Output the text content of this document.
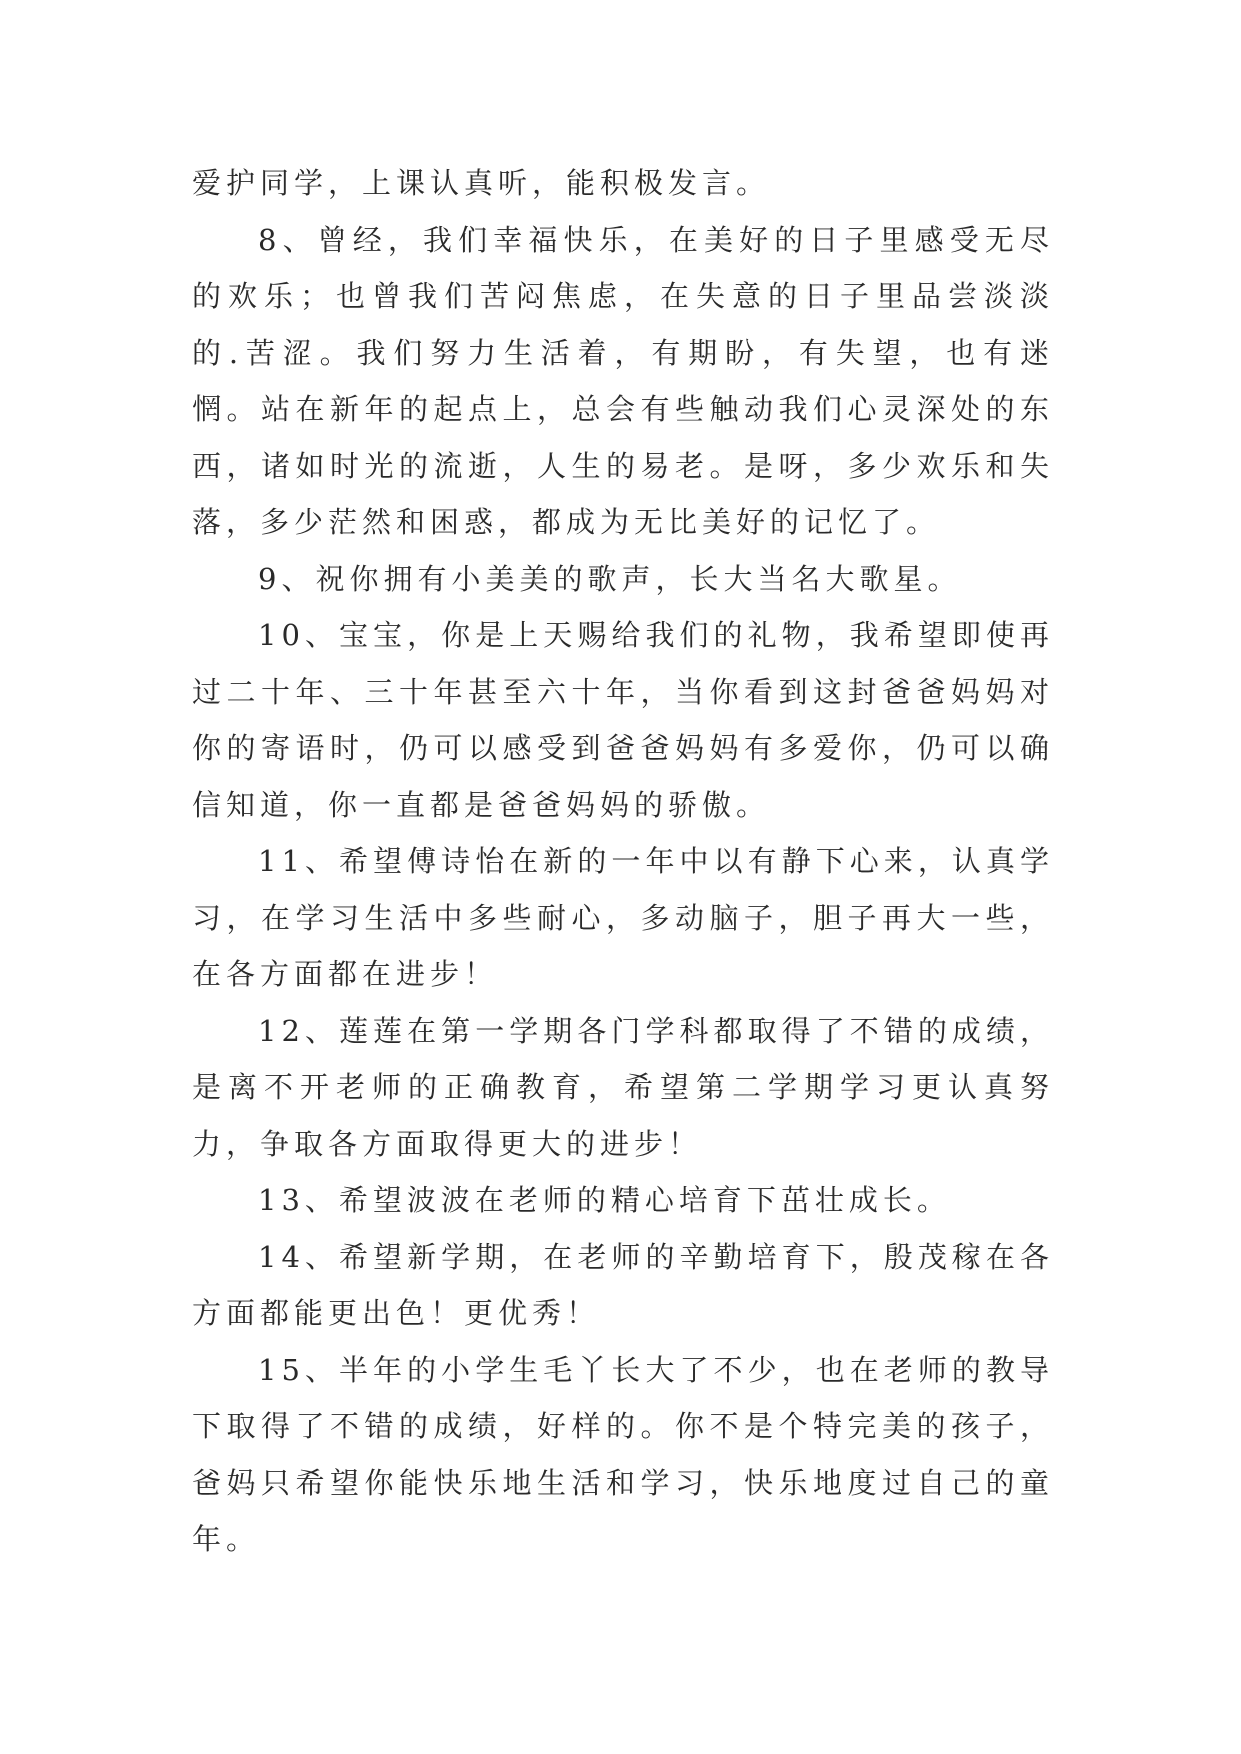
爱护同学，上课认真听，能积极发言。

8、曾经，我们幸福快乐，在美好的日子里感受无尽的欢乐；也曾我们苦闷焦虑，在失意的日子里品尝淡淡的.苦涩。我们努力生活着，有期盼，有失望，也有迷惘。站在新年的起点上，总会有些触动我们心灵深处的东西，诸如时光的流逝，人生的易老。是呀，多少欢乐和失落，多少茫然和困惑，都成为无比美好的记忆了。

9、祝你拥有小美美的歌声，长大当名大歌星。

10、宝宝，你是上天赐给我们的礼物，我希望即使再过二十年、三十年甚至六十年，当你看到这封爸爸妈妈对你的寄语时，仍可以感受到爸爸妈妈有多爱你，仍可以确信知道，你一直都是爸爸妈妈的骄傲。

11、希望傅诗怡在新的一年中以有静下心来，认真学习，在学习生活中多些耐心，多动脑子，胆子再大一些，在各方面都在进步！

12、莲莲在第一学期各门学科都取得了不错的成绩，是离不开老师的正确教育，希望第二学期学习更认真努力，争取各方面取得更大的进步！

13、希望波波在老师的精心培育下茁壮成长。

14、希望新学期，在老师的辛勤培育下，殷茂稼在各方面都能更出色！更优秀！

15、半年的小学生毛丫长大了不少，也在老师的教导下取得了不错的成绩，好样的。你不是个特完美的孩子，爸妈只希望你能快乐地生活和学习，快乐地度过自己的童年。
